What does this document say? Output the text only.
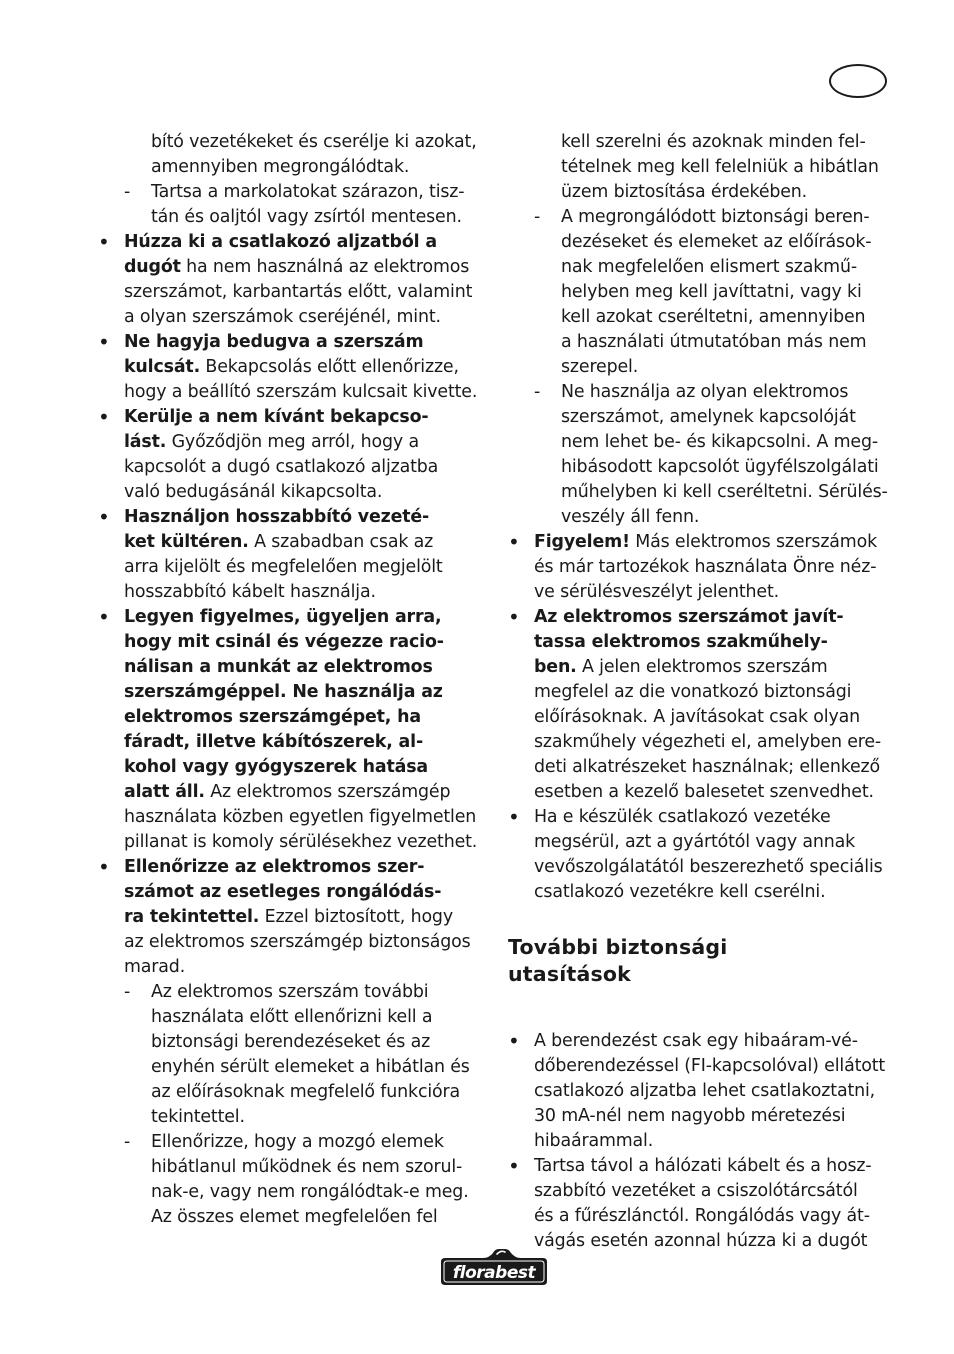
bító vezetékeket és cserélje ki azokat,
amennyiben megrongálódtak.
- Tartsa a markolatokat szárazon, tisz-
tán és oaljtól vagy zsírtól mentesen.
• Húzza ki a csatlakozó aljzatból a
dugót ha nem használná az elektromos
szerszámot, karbantartás előtt, valamint
a olyan szerszámok cseréjénél, mint.
• Ne hagyja bedugva a szerszám
kulcsát. Bekapcsolás előtt ellenőrizze,
hogy a beállító szerszám kulcsait kivette.
• Kerülje a nem kívánt bekapcso-
lást. Győződjön meg arról, hogy a
kapcsolót a dugó csatlakozó aljzatba
való bedugásánál kikapcsolta.
• Használjon hosszabbító vezeté-
ket kültéren. A szabadban csak az
arra kijelölt és megfelelően megjelölt
hosszabbító kábelt használja.
• Legyen figyelmes, ügyeljen arra,
hogy mit csinál és végezze racio-
nálisan a munkát az elektromos
szerszámgéppel. Ne használja az
elektromos szerszámgépet, ha
fáradt, illetve kábítószerek, al-
kohol vagy gyógyszerek hatása
alatt áll. Az elektromos szerszámgép
használata közben egyetlen figyelmetlen
pillanat is komoly sérülésekhez vezethet.
• Ellenőrizze az elektromos szer-
számot az esetleges rongálódás-
ra tekintettel. Ezzel biztosított, hogy
az elektromos szerszámgép biztonságos
marad.
- Az elektromos szerszám további
használata előtt ellenőrizni kell a
biztonsági berendezéseket és az
enyhén sérült elemeket a hibátlan és
az előírásoknak megfelelő funkcióra
tekintettel.
- Ellenőrizze, hogy a mozgó elemek
hibátlanul működnek és nem szorul-
nak-e, vagy nem rongálódtak-e meg.
Az összes elemet megfelelően fel
kell szerelni és azoknak minden fel-
tételnek meg kell felelniük a hibátlan
üzem biztosítása érdekében.
- A megrongálódott biztonsági beren-
dezéseket és elemeket az előírások-
nak megfelelően elismert szakmű-
helyben meg kell javíttatni, vagy ki
kell azokat cseréltetni, amennyiben
a használati útmutatóban más nem
szerepel.
- Ne használja az olyan elektromos
szerszámot, amelynek kapcsolóját
nem lehet be- és kikapcsolni. A meg-
hibásodott kapcsolót ügyfélszolgálati
műhelyben ki kell cseréltetni. Sérülés-
veszély áll fenn.
• Figyelem! Más elektromos szerszámok
és már tartozékok használata Önre néz-
ve sérülésveszélyt jelenthet.
• Az elektromos szerszámot javít-
tassa elektromos szakműhely-
ben. A jelen elektromos szerszám
megfelel az die vonatkozó biztonsági
előírásoknak. A javításokat csak olyan
szakműhely végezheti el, amelyben ere-
deti alkatrészeket használnak; ellenkező
esetben a kezelő balesetet szenvedhet.
• Ha e készülék csatlakozó vezetéke
megsérül, azt a gyártótól vagy annak
vevőszolgálatától beszerezhető speciális
csatlakozó vezetékre kell cserélni.
További biztonsági
utasítások
• A berendezést csak egy hibaáram-vé-
dőberendezéssel (FI-kapcsolóval) ellátott
csatlakozó aljzatba lehet csatlakoztatni,
30 mA-nél nem nagyobb méretezési
hibaárammal.
• Tartsa távol a hálózati kábelt és a hosz-
szabbító vezetéket a csiszolótárcsától
és a fűrészlánctól. Rongálódás vagy át-
vágás esetén azonnal húzza ki a dugót
florabest
